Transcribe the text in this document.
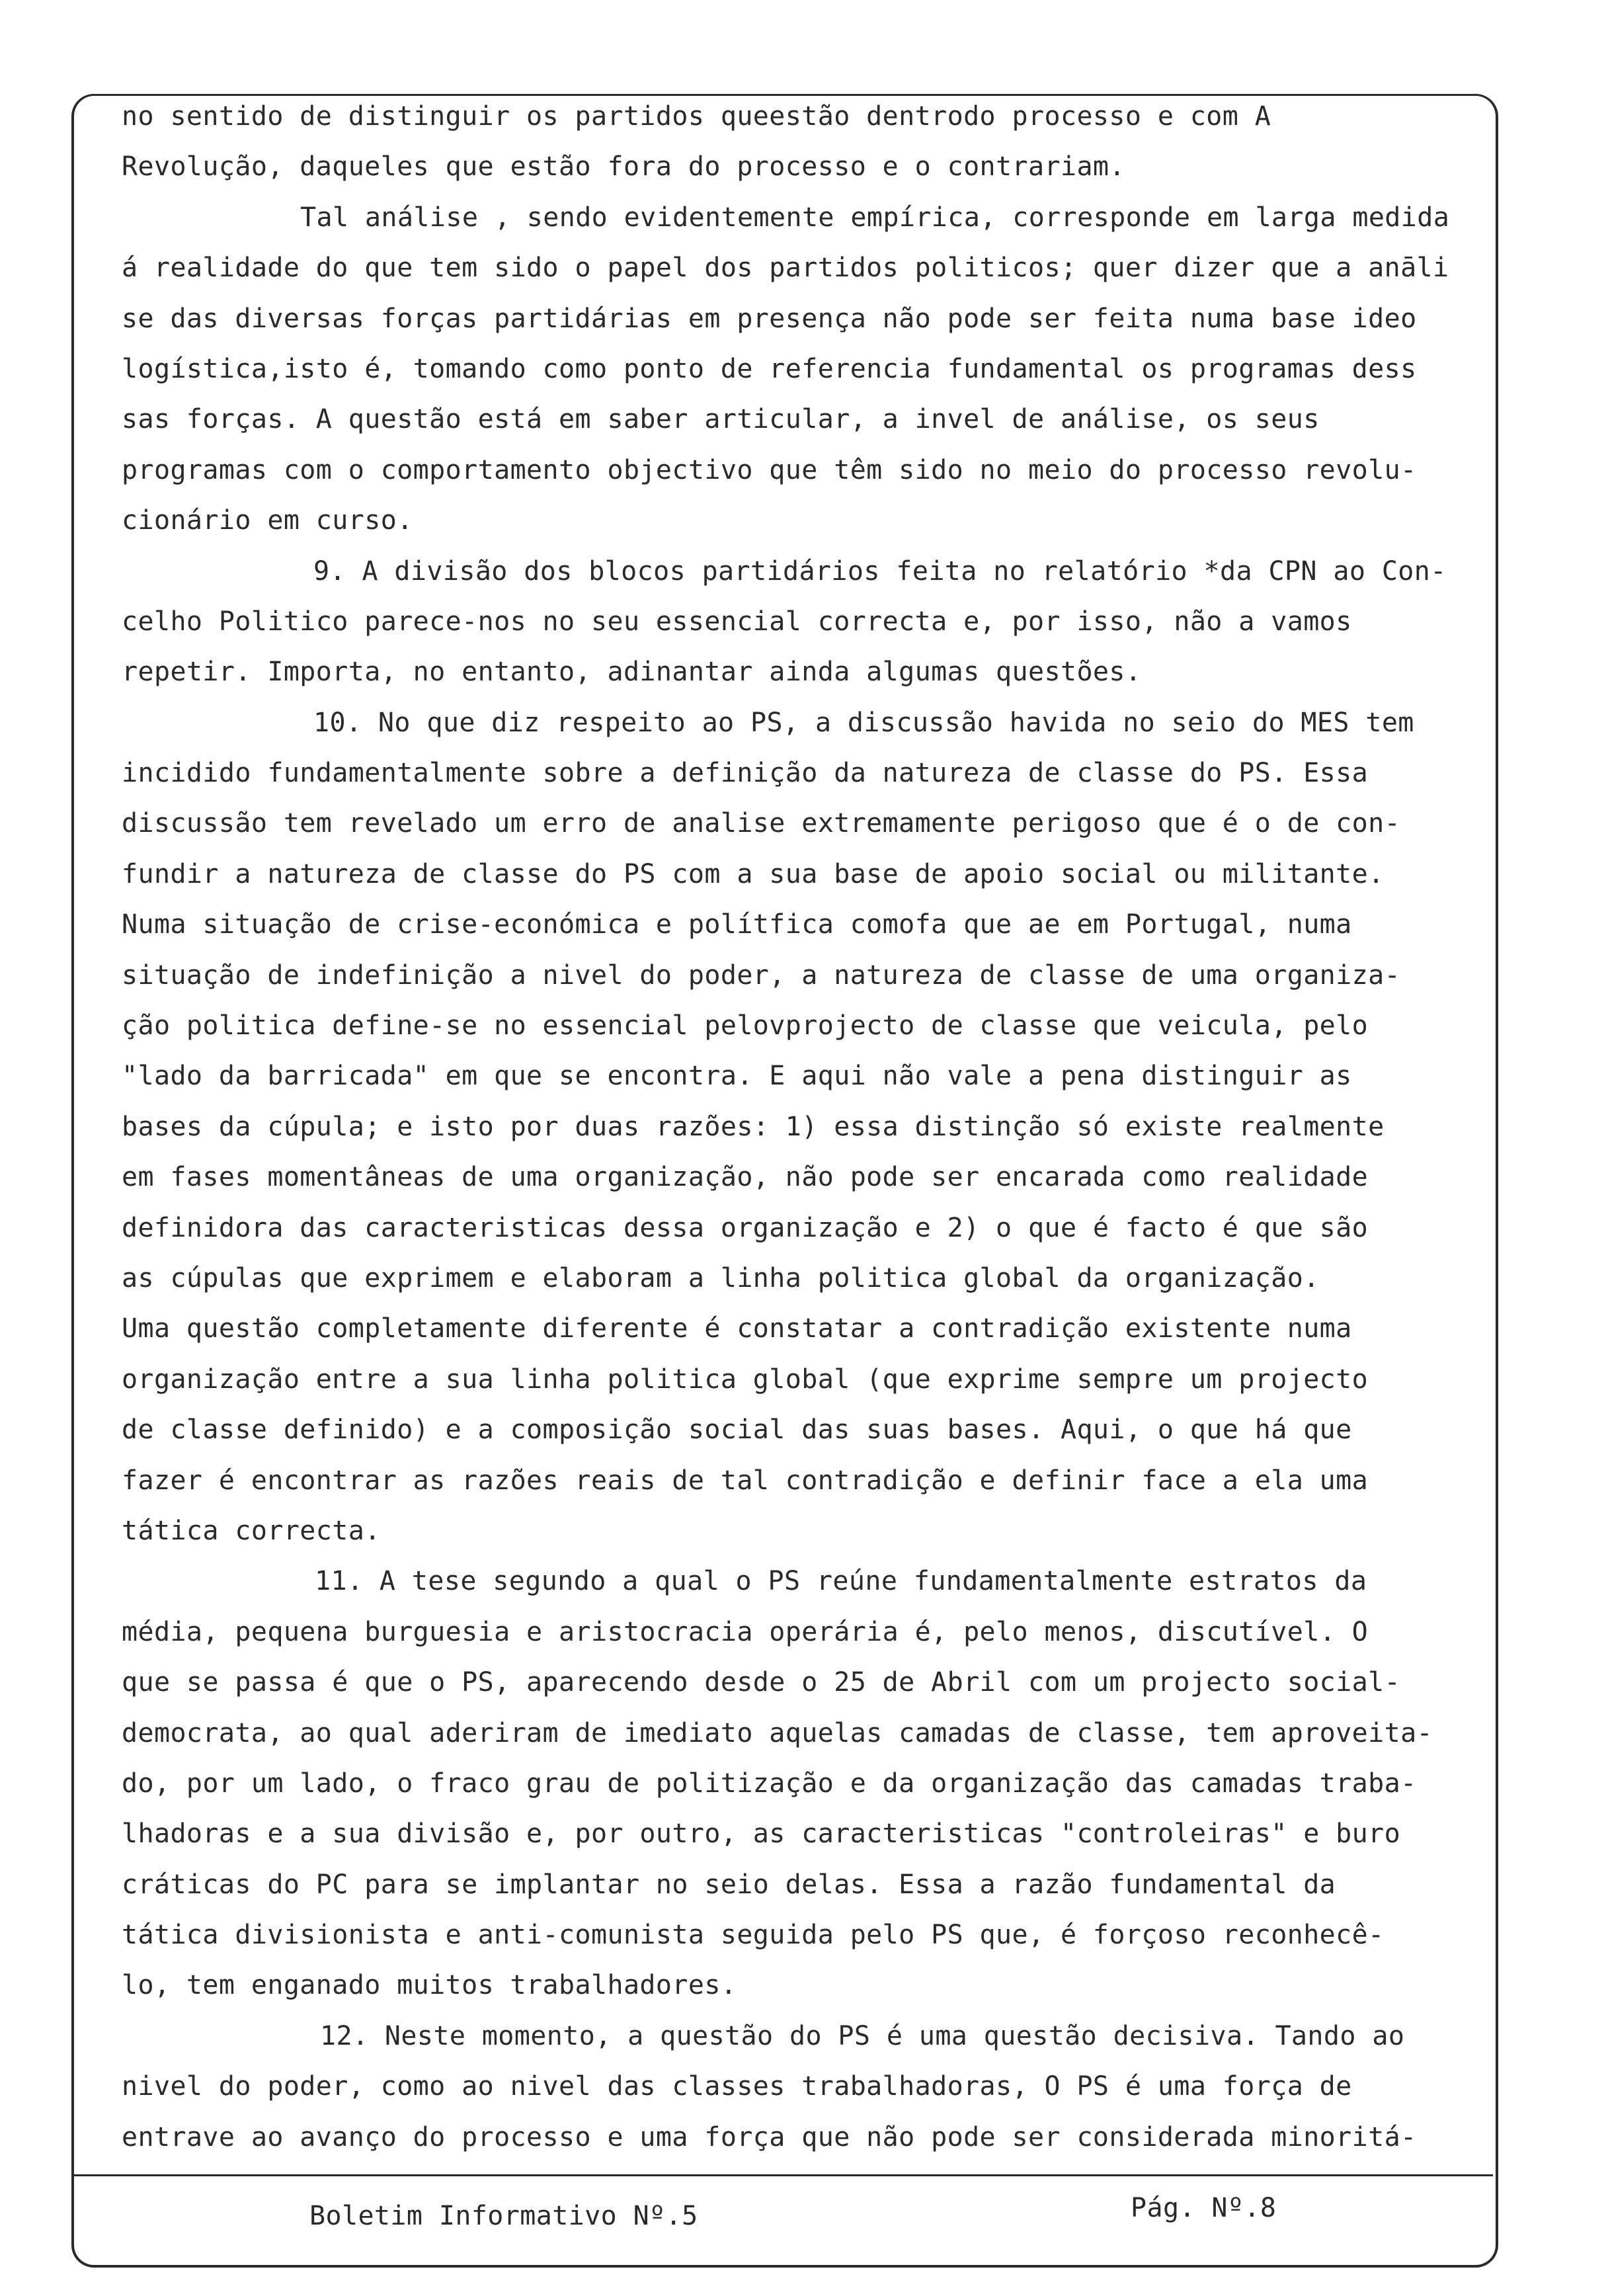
no sentido de distinguir os partidos queestão dentrodo processo e com A
Revolução, daqueles que estão fora do processo e o contrariam.
Tal análise , sendo evidentemente empírica, corresponde em larga medida
á realidade do que tem sido o papel dos partidos politicos; quer dizer que a anāli
se das diversas forças partidárias em presença não pode ser feita numa base ideo
logística,isto é, tomando como ponto de referencia fundamental os programas dess
sas forças. A questão está em saber articular, a invel de análise, os seus
programas com o comportamento objectivo que têm sido no meio do processo revolu-
cionário em curso.
9. A divisão dos blocos partidários feita no relatório *da CPN ao Con-
celho Politico parece-nos no seu essencial correcta e, por isso, não a vamos
repetir. Importa, no entanto, adinantar ainda algumas questões.
10. No que diz respeito ao PS, a discussão havida no seio do MES tem
incidido fundamentalmente sobre a definição da natureza de classe do PS. Essa
discussão tem revelado um erro de analise extremamente perigoso que é o de con-
fundir a natureza de classe do PS com a sua base de apoio social ou militante.
Numa situação de crise-económica e polítfica comofa que ae em Portugal, numa
situação de indefinição a nivel do poder, a natureza de classe de uma organiza-
ção politica define-se no essencial pelovprojecto de classe que veicula, pelo
"lado da barricada" em que se encontra. E aqui não vale a pena distinguir as
bases da cúpula; e isto por duas razões: 1) essa distinção só existe realmente
em fases momentâneas de uma organização, não pode ser encarada como realidade
definidora das caracteristicas dessa organização e 2) o que é facto é que são
as cúpulas que exprimem e elaboram a linha politica global da organização.
Uma questão completamente diferente é constatar a contradição existente numa
organização entre a sua linha politica global (que exprime sempre um projecto
de classe definido) e a composição social das suas bases. Aqui, o que há que
fazer é encontrar as razões reais de tal contradição e definir face a ela uma
tática correcta.
11. A tese segundo a qual o PS reúne fundamentalmente estratos da
média, pequena burguesia e aristocracia operária é, pelo menos, discutível. O
que se passa é que o PS, aparecendo desde o 25 de Abril com um projecto social-
democrata, ao qual aderiram de imediato aquelas camadas de classe, tem aproveita-
do, por um lado, o fraco grau de politização e da organização das camadas traba-
lhadoras e a sua divisão e, por outro, as caracteristicas "controleiras" e buro
cráticas do PC para se implantar no seio delas. Essa a razão fundamental da
tática divisionista e anti-comunista seguida pelo PS que, é forçoso reconhecê-
lo, tem enganado muitos trabalhadores.
12. Neste momento, a questão do PS é uma questão decisiva. Tando ao
nivel do poder, como ao nivel das classes trabalhadoras, O PS é uma força de
entrave ao avanço do processo e uma força que não pode ser considerada minoritá-
Boletim Informativo Nº.5	Pág. Nº.8
